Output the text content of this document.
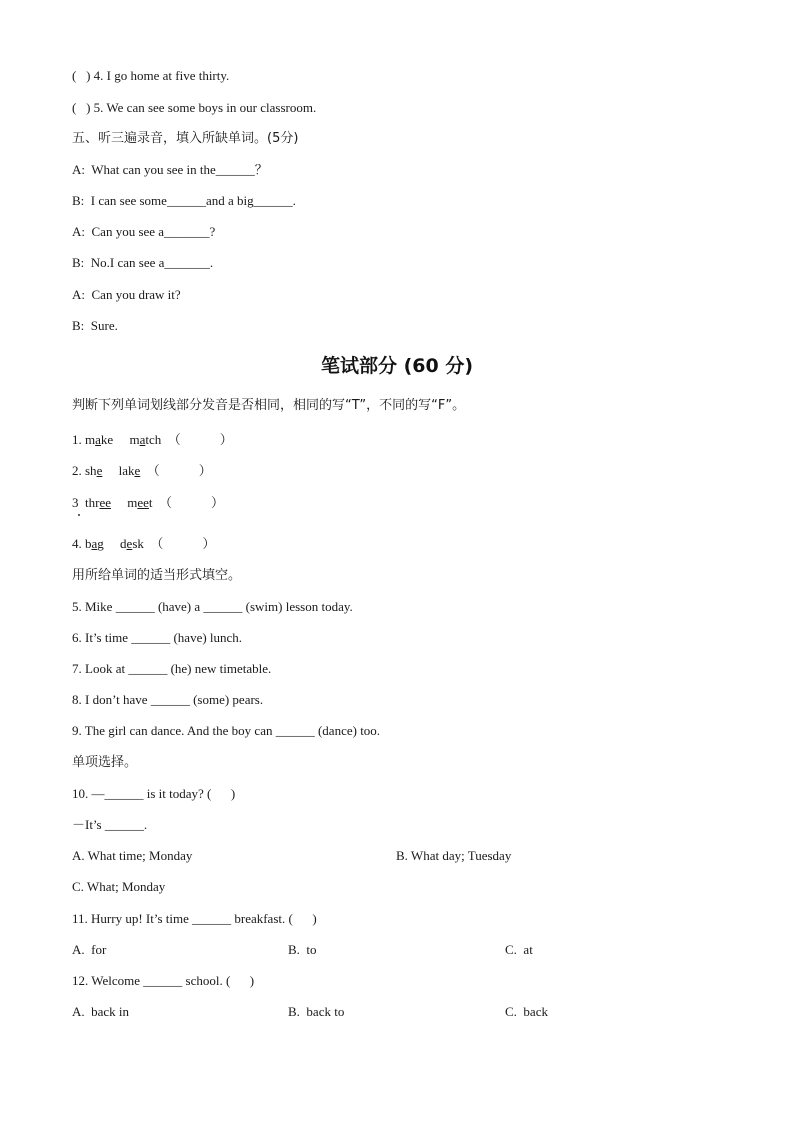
(   ) 4. I go home at five thirty.
(   ) 5. We can see some boys in our classroom.
五、听三遍录音，填入所缺单词。(5分)
A:  What can you see in the______？
B:  I can see some______and a big______.
A:  Can you see a_______?
B:  No.I can see a_______.
A:  Can you draw it?
B:  Sure.
笔试部分 (60 分)
判断下列单词划线部分发音是否相同，相同的写“T”，不同的写“F”。
1. make match （            ）
2. she lake （            ）
3  three meet （            ）
4. bag desk （            ）
用所给单词的适当形式填空。
5. Mike ______ (have) a ______ (swim) lesson today.
6. It’s time ______ (have) lunch.
7. Look at ______ (he) new timetable.
8. I don’t have ______ (some) pears.
9. The girl can dance. And the boy can ______ (dance) too.
单项选择。
10. —______ is it today? (      )
－It’s ______.
A. What time; Monday	B. What day; Tuesday
C. What; Monday
11. Hurry up! It’s time ______ breakfast. (      )
A.  for	B.  to	C.  at
12. Welcome ______ school. (      )
A.  back in	B.  back to	C.  back
